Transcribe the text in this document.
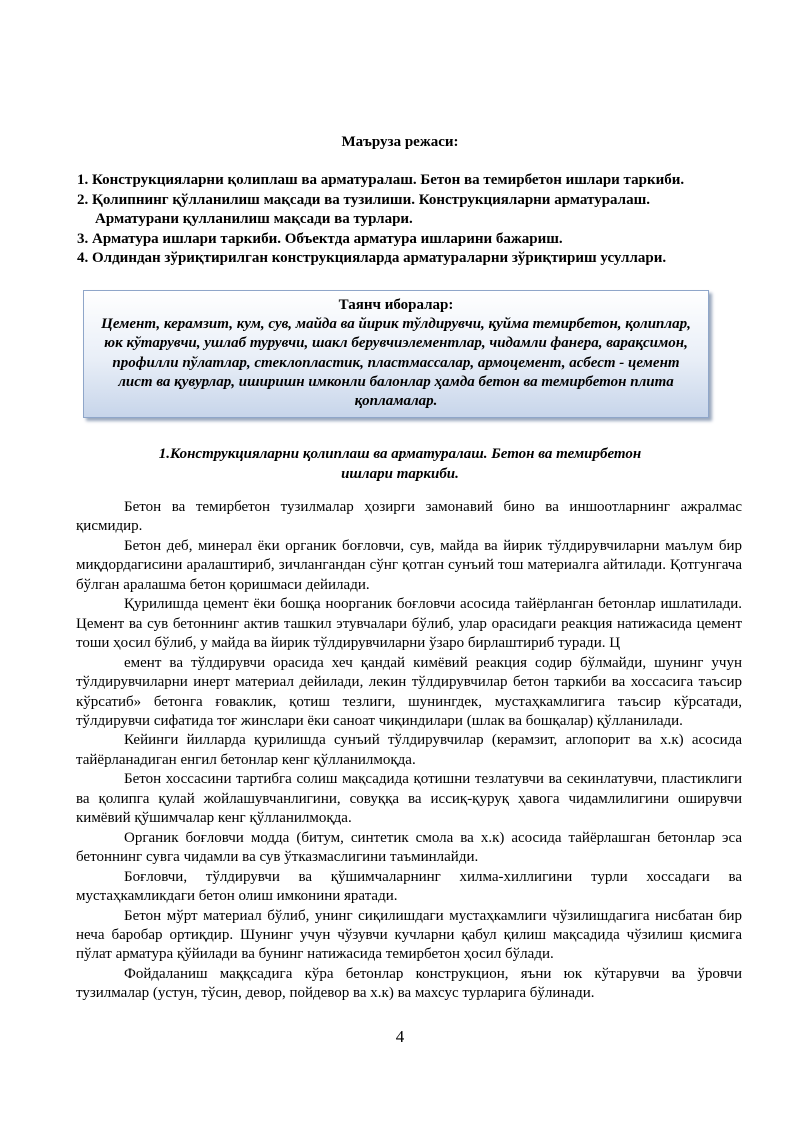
Маъруза режаси:
1. Конструкцияларни қолиплаш ва арматуралаш. Бетон ва темирбетон ишлари таркиби.
2. Қолипнинг қўлланилиш мақсади ва тузилиши. Конструкцияларни арматуралаш.
Арматурани қулланилиш мақсади ва турлари.
3. Арматура ишлари таркиби. Объектда арматура ишларини бажариш.
4. Олдиндан зўриқтирилган конструкцияларда арматураларни зўриқтириш усуллари.
Таянч иборалар:
Цемент, керамзит, кум, сув, майда ва йирик тўлдирувчи, қуйма темирбетон, қолиплар, юк кўтарувчи, ушлаб турувчи, шакл берувчиэлементлар, чидамли фанера, варақсимон, профилли пўлатлар, стеклопластик, пластмассалар, армоцемент, асбест - цемент лист ва қувурлар, иширишн имконли балонлар ҳамда бетон ва темирбетон плита қопламалар.
1.Конструкцияларни қолиплаш ва арматуралаш. Бетон ва темирбетон
ишлари таркиби.

Бетон ва темирбетон тузилмалар ҳозирги замонавий бино ва иншоотларнинг ажралмас қисмидир.

Бетон деб, минерал ёки органик боғловчи, сув, майда ва йирик тўлдирувчиларни маълум бир миқдордагисини аралаштириб, зичлангандан сўнг қотган сунъий тош материалга айтилади. Қотгунгача бўлган аралашма бетон қоришмаси дейилади.

Қурилишда цемент ёки бошқа ноорганик боғловчи асосида тайёрланган бетонлар ишлатилади. Цемент ва сув бетоннинг актив ташкил этувчалари бўлиб, улар орасидаги реакция натижасида цемент тоши ҳосил бўлиб, у майда ва йирик тўлдирувчиларни ўзаро бирлаштириб туради. Ц

емент ва тўлдирувчи орасида хеч қандай кимёвий реакция содир бўлмайди, шунинг учун тўлдирувчиларни инерт материал дейилади, лекин тўлдирувчилар бетон таркиби ва хоссасига таъсир кўрсатиб» бетонга ғоваклик, қотиш тезлиги, шунингдек, мустаҳкамлигига таъсир кўрсатади, тўлдирувчи сифатида тоғ жинслари ёки саноат чиқиндилари (шлак ва бошқалар) қўлланилади.

Кейинги йилларда қурилишда сунъий тўлдирувчилар (керамзит, аглопорит ва х.к) асосида тайёрланадиган енгил бетонлар кенг қўлланилмоқда.

Бетон хоссасини тартибга солиш мақсадида қотишни тезлатувчи ва секинлатувчи, пластиклиги ва қолипга қулай жойлашувчанлигини, совуққа ва иссиқ-қуруқ ҳавога чидамлилигини оширувчи кимёвий қўшимчалар кенг қўлланилмоқда.

Органик боғловчи модда (битум, синтетик смола ва х.к) асосида тайёрлашган бетонлар эса бетоннинг сувга чидамли ва сув ўтказмаслигини таъминлайди.

Боғловчи, тўлдирувчи ва қўшимчаларнинг хилма-хиллигини турли хоссадаги ва мустаҳкамликдаги бетон олиш имконини яратади.

Бетон мўрт материал бўлиб, унинг сиқилишдаги мустаҳкамлиги чўзилишдагига нисбатан бир неча баробар ортиқдир. Шунинг учун чўзувчи кучларни қабул қилиш мақсадида чўзилиш қисмига пўлат арматура қўйилади ва бунинг натижасида темирбетон ҳосил бўлади.

Фойдаланиш маққсадига кўра бетонлар конструкцион, яъни юк кўтарувчи ва ўровчи тузилмалар (устун, тўсин, девор, пойдевор ва х.к) ва махсус турларига бўлинади.

4
